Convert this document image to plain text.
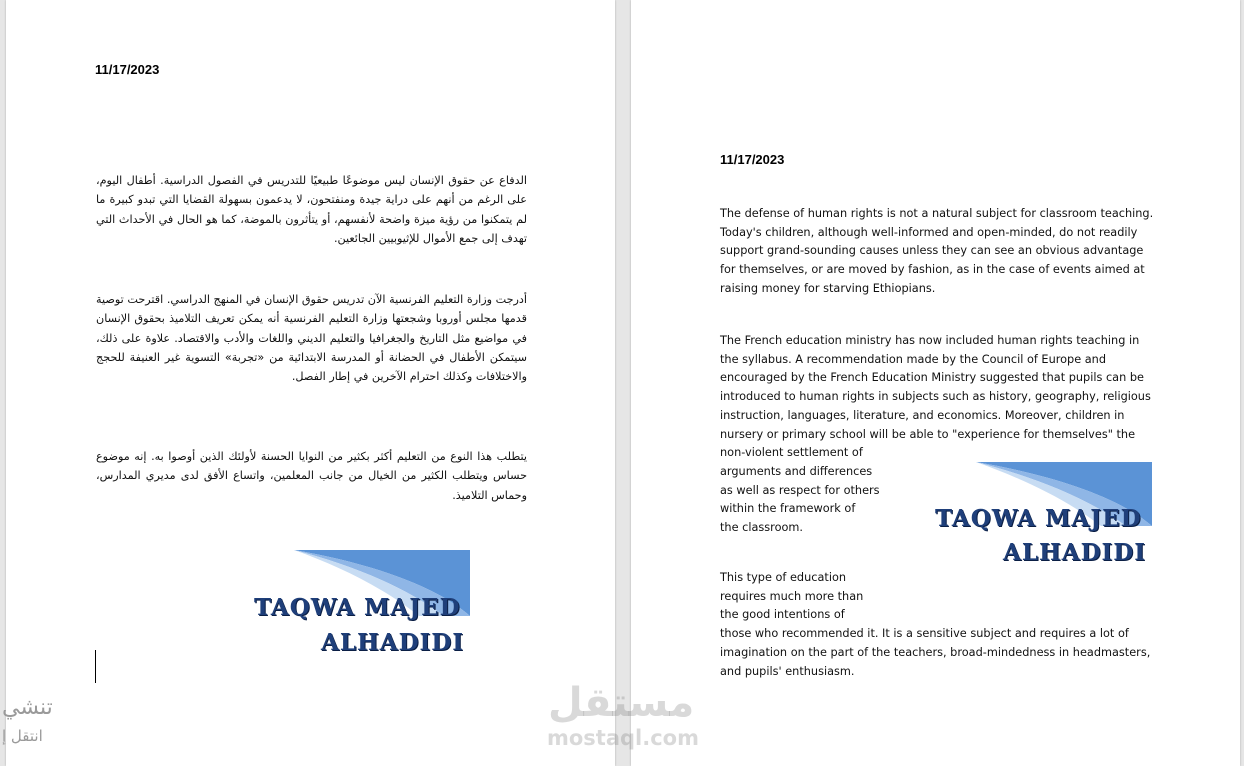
11/17/2023
الدفاع عن حقوق الإنسان ليس موضوعًا طبيعيًا للتدريس في الفصول الدراسية. أطفال اليوم، على الرغم من أنهم على دراية جيدة ومنفتحون، لا يدعمون بسهولة القضايا التي تبدو كبيرة ما لم يتمكنوا من رؤية ميزة واضحة لأنفسهم، أو يتأثرون بالموضة، كما هو الحال في الأحداث التي تهدف إلى جمع الأموال للإثيوبيين الجائعين.
أدرجت وزارة التعليم الفرنسية الآن تدريس حقوق الإنسان في المنهج الدراسي. اقترحت توصية قدمها مجلس أوروبا وشجعتها وزارة التعليم الفرنسية أنه يمكن تعريف التلاميذ بحقوق الإنسان في مواضيع مثل التاريخ والجغرافيا والتعليم الديني واللغات والأدب والاقتصاد. علاوة على ذلك، سيتمكن الأطفال في الحضانة أو المدرسة الابتدائية من «تجربة» التسوية غير العنيفة للحجج والاختلافات وكذلك احترام الآخرين في إطار الفصل.
يتطلب هذا النوع من التعليم أكثر بكثير من النوايا الحسنة لأولئك الذين أوصوا به. إنه موضوع حساس ويتطلب الكثير من الخيال من جانب المعلمين، واتساع الأفق لدى مديري المدارس، وحماس التلاميذ.
TAQWA MAJED
ALHADIDI
11/17/2023
The defense of human rights is not a natural subject for classroom teaching.
Today's children, although well-informed and open-minded, do not readily
support grand-sounding causes unless they can see an obvious advantage
for themselves, or are moved by fashion, as in the case of events aimed at
raising money for starving Ethiopians.
The French education ministry has now included human rights teaching in
the syllabus. A recommendation made by the Council of Europe and
encouraged by the French Education Ministry suggested that pupils can be
introduced to human rights in subjects such as history, geography, religious
instruction, languages, literature, and economics. Moreover, children in
nursery or primary school will be able to "experience for themselves" the
non-violent settlement of
arguments and differences
as well as respect for others
within the framework of
the classroom.
This type of education
requires much more than
the good intentions of
those who recommended it. It is a sensitive subject and requires a lot of
imagination on the part of the teachers, broad-mindedness in headmasters,
and pupils' enthusiasm.
TAQWA MAJED
ALHADIDI
تنشي
انتقل إ
مستقل
mostaql.com
